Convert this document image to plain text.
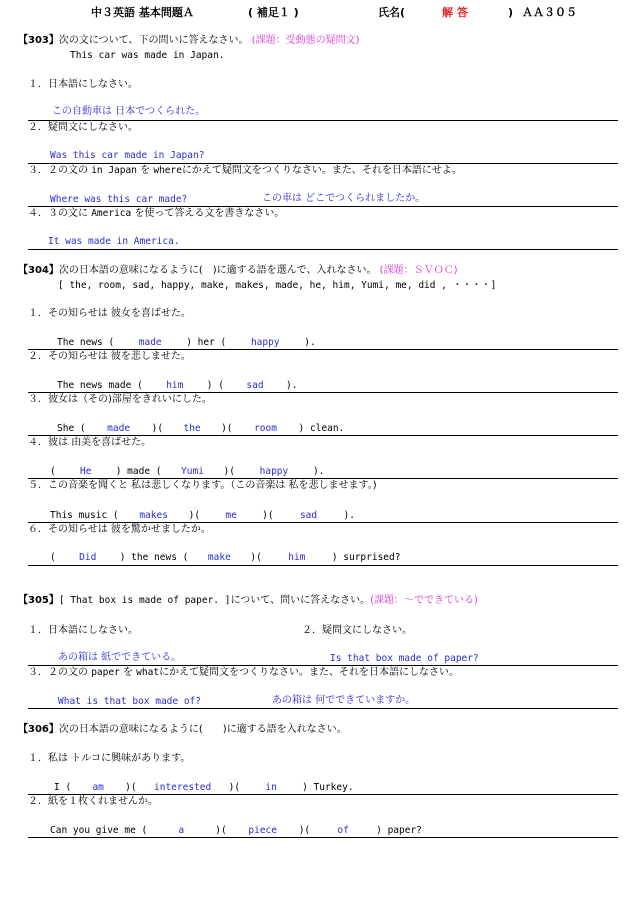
中３英語 基本問題Ａ	( 補足１ )	氏名(	解 答	) ＡＡ３０５
【303】次の文について、下の問いに答えなさい。 (課題：受動態の疑問文)
This car was made in Japan.
１．日本語にしなさい。
この自動車は 日本でつくられた。
２．疑問文にしなさい。
Was this car made in Japan?
３．２の文の in Japan を whereにかえて疑問文をつくりなさい。また、それを日本語にせよ。
Where was this car made?	この車は どこでつくられましたか。
４．３の文に America を使って答える文を書きなさい。
It was made in America.
【304】次の日本語の意味になるように(　)に適する語を選んで、入れなさい。 (課題：ＳＶＯＣ)
[ the, room, sad, happy, make, makes, made, he, him, Yumi, me, did , ・・・・]
１．その知らせは 彼女を喜ばせた。
The news (	made	) her (	happy	).
２．その知らせは 彼を悲しませた。
The news made ( him ) ( sad ).
３．彼女は（その)部屋をきれいにした。
She ( made )( the )( room ) clean.
４．彼は 由美を喜ばせた。
(	He	) made ( Yumi )(	happy	).
５．この音楽を聞くと 私は悲しくなります。（この音楽は 私を悲しませます。)
This music ( makes )(	me	)(	sad	).
６．その知らせは 彼を驚かせましたか。
( Did ) the news ( make )(	him	) surprised?
【305】[ That box is made of paper. ]について、問いに答えなさい。(課題：～でできている)
１．日本語にしなさい。	２．疑問文にしなさい。
あの箱は 紙でできている。	Is that box made of paper?
３．２の文の paper を whatにかえて疑問文をつくりなさい。また、それを日本語にしなさい。
What is that box made of?	あの箱は 何でできていますか。
【306】次の日本語の意味になるように(　　)に適する語を入れなさい。
１．私は トルコに興味があります。
I ( am )( interested )(	in	) Turkey.
２．紙を１枚くれませんか。
Can you give me (	a	)( piece )(	of	) paper?
